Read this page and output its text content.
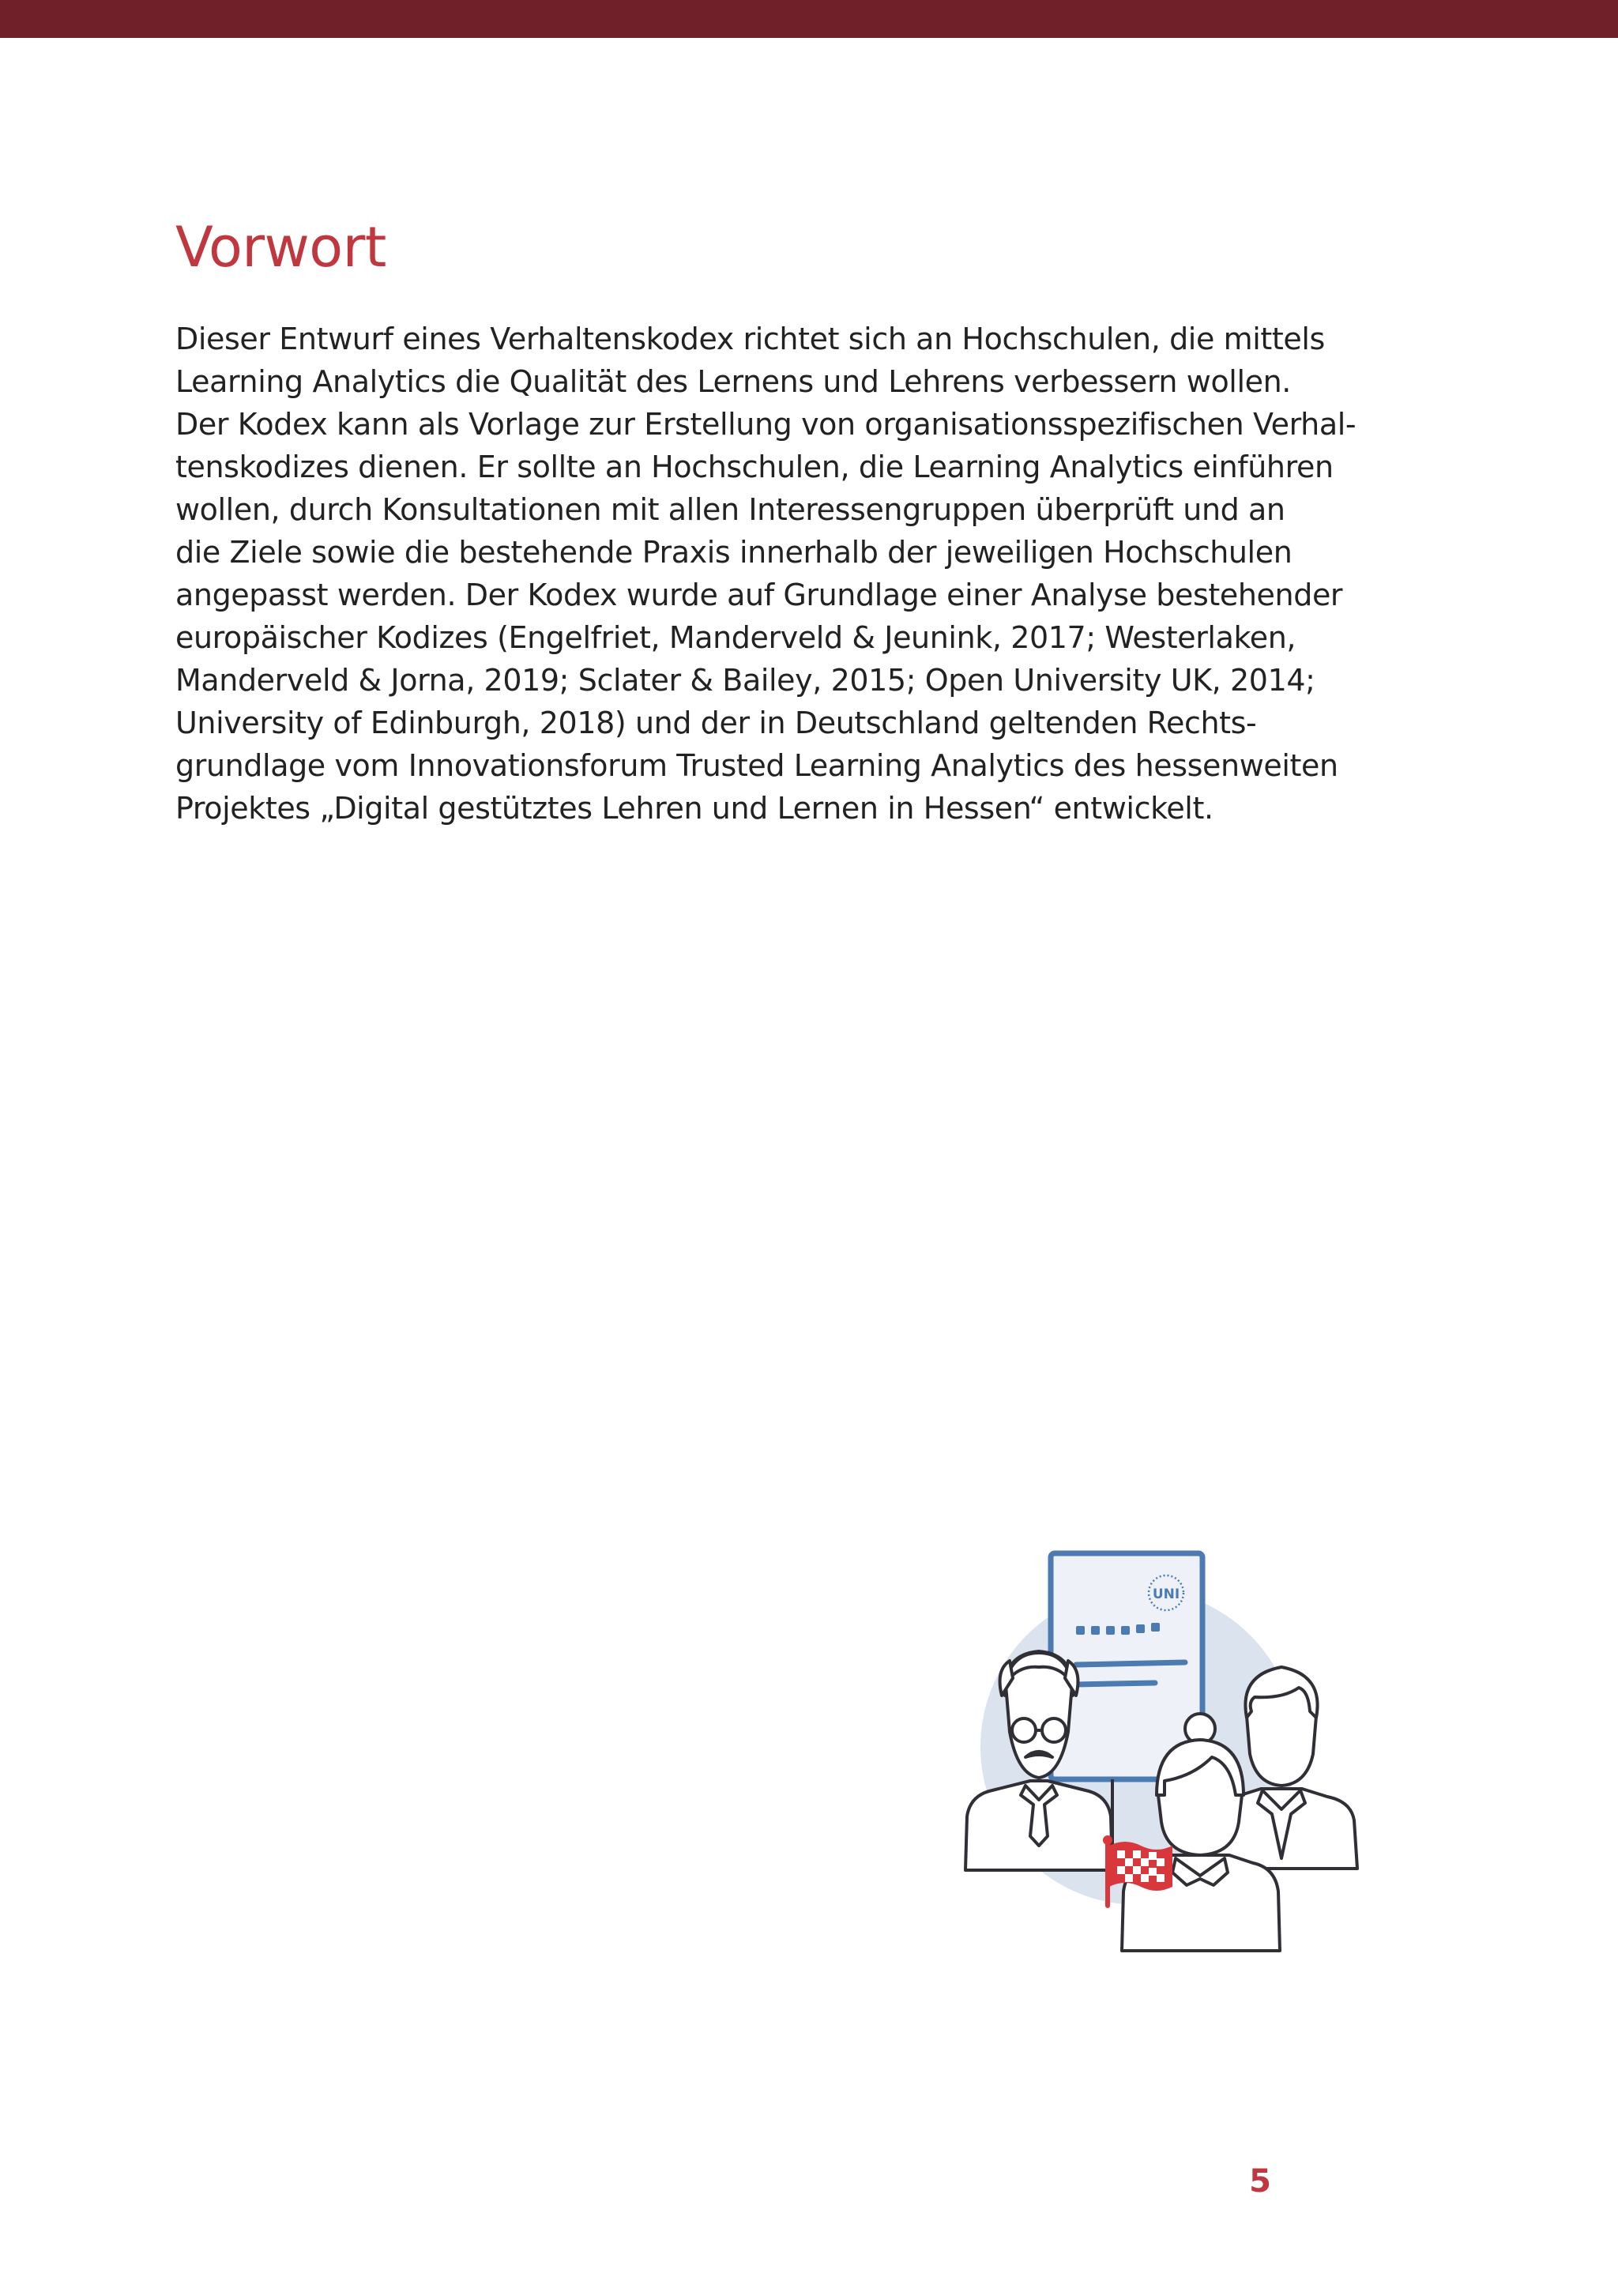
Vorwort

Dieser Entwurf eines Verhaltenskodex richtet sich an Hochschulen, die mittels
Learning Analytics die Qualität des Lernens und Lehrens verbessern wollen.
Der Kodex kann als Vorlage zur Erstellung von organisationsspezifischen Verhal-
tenskodizes dienen. Er sollte an Hochschulen, die Learning Analytics einführen
wollen, durch Konsultationen mit allen Interessengruppen überprüft und an
die Ziele sowie die bestehende Praxis innerhalb der jeweiligen Hochschulen
angepasst werden. Der Kodex wurde auf Grundlage einer Analyse bestehender
europäischer Kodizes (Engelfriet, Manderveld & Jeunink, 2017; Westerlaken,
Manderveld & Jorna, 2019; Sclater & Bailey, 2015; Open University UK, 2014;
University of Edinburgh, 2018) und der in Deutschland geltenden Rechts-
grundlage vom Innovationsforum Trusted Learning Analytics des hessenweiten
Projektes „Digital gestütztes Lehren und Lernen in Hessen“ entwickelt.

UNI
5
